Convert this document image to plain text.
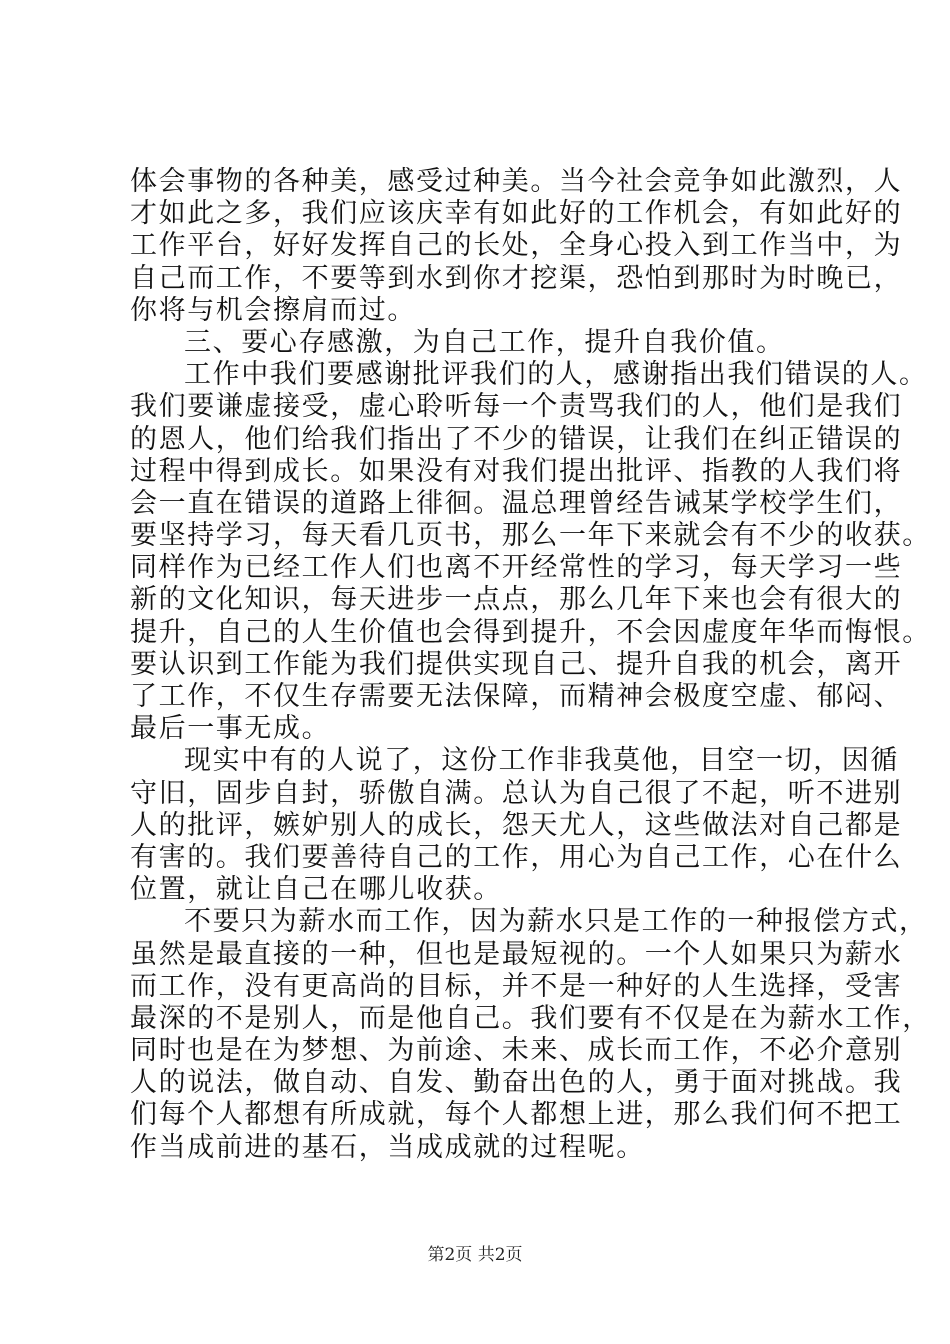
体会事物的各种美，感受过种美。当今社会竞争如此激烈，人
才如此之多，我们应该庆幸有如此好的工作机会，有如此好的
工作平台，好好发挥自己的长处，全身心投入到工作当中，为
自己而工作，不要等到水到你才挖渠，恐怕到那时为时晚已，
你将与机会擦肩而过。
三、要心存感激，为自己工作，提升自我价值。
工作中我们要感谢批评我们的人，感谢指出我们错误的人。
我们要谦虚接受，虚心聆听每一个责骂我们的人，他们是我们
的恩人，他们给我们指出了不少的错误，让我们在纠正错误的
过程中得到成长。如果没有对我们提出批评、指教的人我们将
会一直在错误的道路上徘徊。温总理曾经告诫某学校学生们，
要坚持学习，每天看几页书，那么一年下来就会有不少的收获。
同样作为已经工作人们也离不开经常性的学习，每天学习一些
新的文化知识，每天进步一点点，那么几年下来也会有很大的
提升，自己的人生价值也会得到提升，不会因虚度年华而悔恨。
要认识到工作能为我们提供实现自己、提升自我的机会，离开
了工作，不仅生存需要无法保障，而精神会极度空虚、郁闷、
最后一事无成。
现实中有的人说了，这份工作非我莫他，目空一切，因循
守旧，固步自封，骄傲自满。总认为自己很了不起，听不进别
人的批评，嫉妒别人的成长，怨天尤人，这些做法对自己都是
有害的。我们要善待自己的工作，用心为自己工作，心在什么
位置，就让自己在哪儿收获。
不要只为薪水而工作，因为薪水只是工作的一种报偿方式，
虽然是最直接的一种，但也是最短视的。一个人如果只为薪水
而工作，没有更高尚的目标，并不是一种好的人生选择，受害
最深的不是别人，而是他自己。我们要有不仅是在为薪水工作，
同时也是在为梦想、为前途、未来、成长而工作，不必介意别
人的说法，做自动、自发、勤奋出色的人，勇于面对挑战。我
们每个人都想有所成就，每个人都想上进，那么我们何不把工
作当成前进的基石，当成成就的过程呢。
第2页 共2页
